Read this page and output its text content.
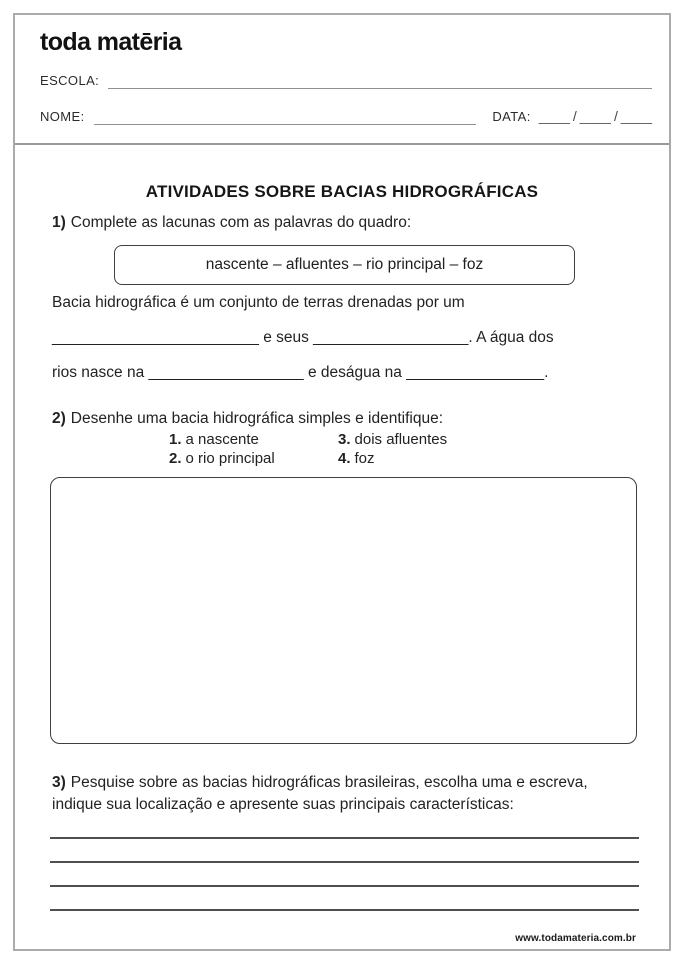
toda matēria
ESCOLA:
NOME:	DATA: ____ / ____ / ____
ATIVIDADES SOBRE BACIAS HIDROGRÁFICAS
1) Complete as lacunas com as palavras do quadro:
nascente – afluentes – rio principal – foz
Bacia hidrográfica é um conjunto de terras drenadas por um
________________________ e seus __________________. A água dos
rios nasce na __________________ e deságua na ________________.
2) Desenhe uma bacia hidrográfica simples e identifique:
1. a nascente
2. o rio principal
3. dois afluentes
4. foz
3) Pesquise sobre as bacias hidrográficas brasileiras, escolha uma e escreva,
indique sua localização e apresente suas principais características:
www.todamateria.com.br
